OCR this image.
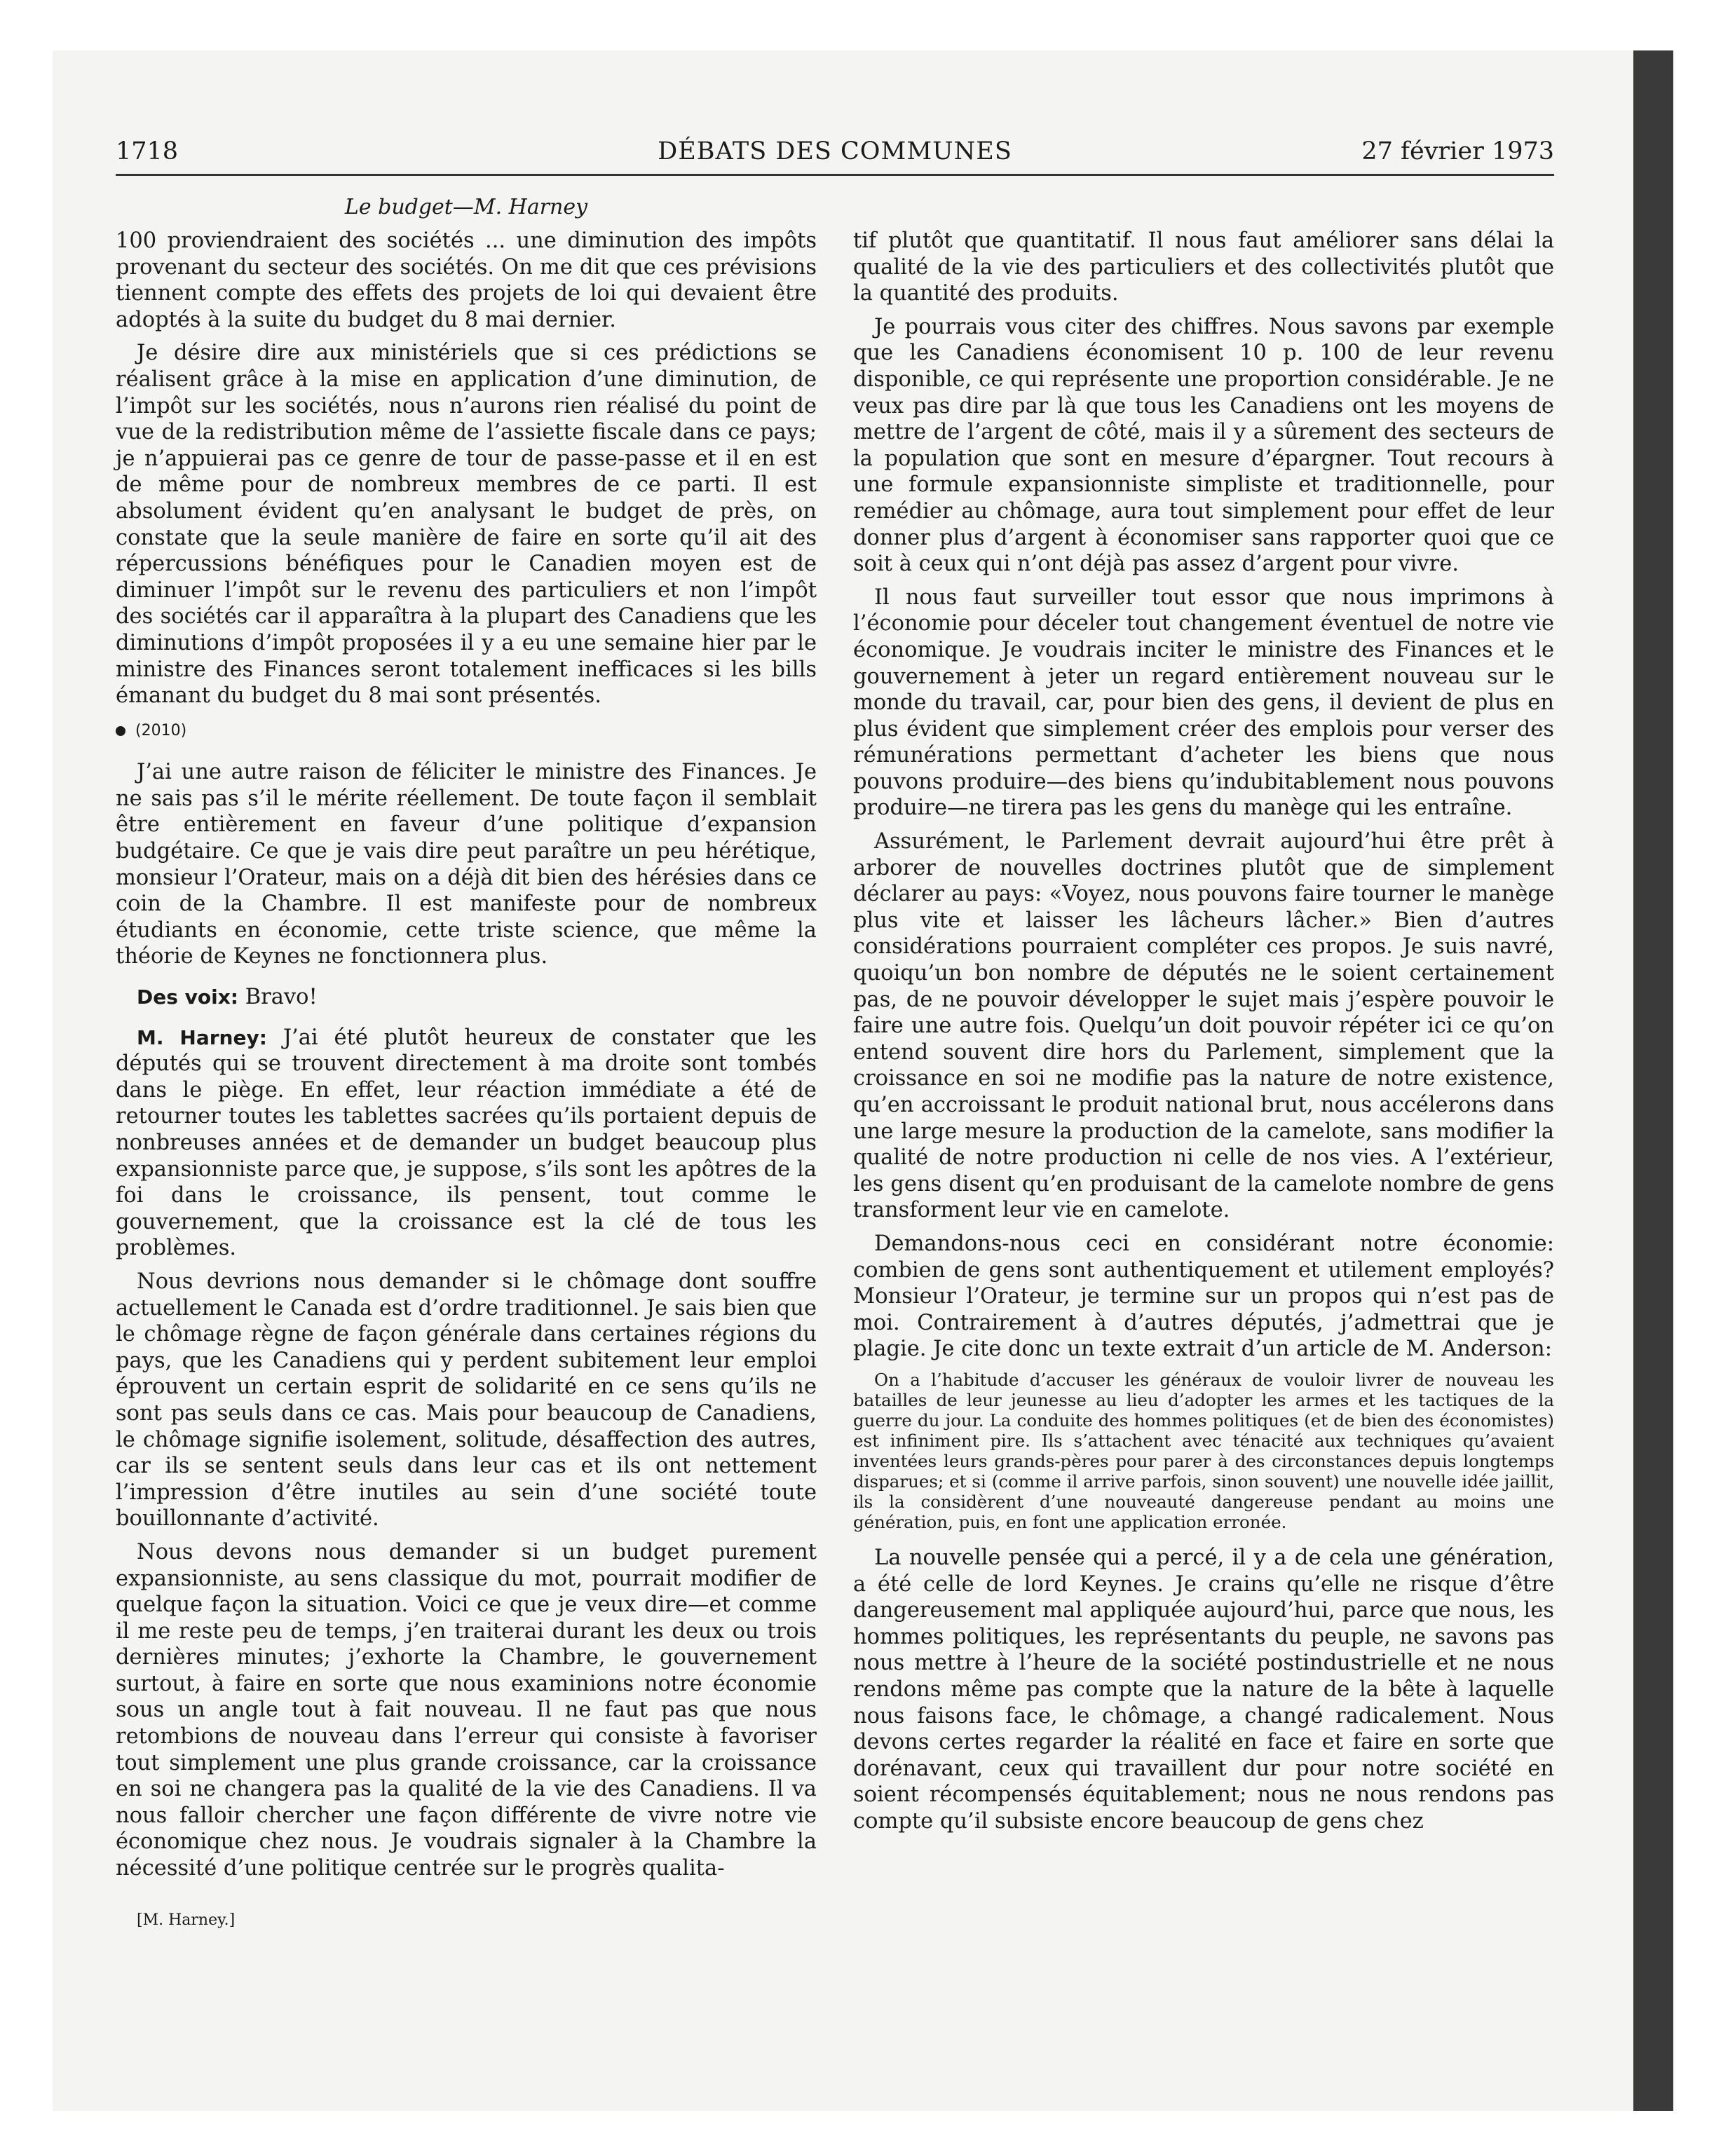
1718	DÉBATS DES COMMUNES	27 février 1973
Le budget—M. Harney

100 proviendraient des sociétés ... une diminution des impôts provenant du secteur des sociétés. On me dit que ces prévisions tiennent compte des effets des projets de loi qui devaient être adoptés à la suite du budget du 8 mai dernier.

Je désire dire aux ministériels que si ces prédictions se réalisent grâce à la mise en application d’une diminution, de l’impôt sur les sociétés, nous n’aurons rien réalisé du point de vue de la redistribution même de l’assiette fiscale dans ce pays; je n’appuierai pas ce genre de tour de passe-passe et il en est de même pour de nombreux membres de ce parti. Il est absolument évident qu’en analysant le budget de près, on constate que la seule manière de faire en sorte qu’il ait des répercussions bénéfiques pour le Canadien moyen est de diminuer l’impôt sur le revenu des particuliers et non l’impôt des sociétés car il apparaîtra à la plupart des Canadiens que les diminutions d’impôt proposées il y a eu une semaine hier par le ministre des Finances seront totalement inefficaces si les bills émanant du budget du 8 mai sont présentés.

(2010)

J’ai une autre raison de féliciter le ministre des Finances. Je ne sais pas s’il le mérite réellement. De toute façon il semblait être entièrement en faveur d’une politique d’expansion budgétaire. Ce que je vais dire peut paraître un peu hérétique, monsieur l’Orateur, mais on a déjà dit bien des hérésies dans ce coin de la Chambre. Il est manifeste pour de nombreux étudiants en économie, cette triste science, que même la théorie de Keynes ne fonctionnera plus.

Des voix: Bravo!

M. Harney: J’ai été plutôt heureux de constater que les députés qui se trouvent directement à ma droite sont tombés dans le piège. En effet, leur réaction immédiate a été de retourner toutes les tablettes sacrées qu’ils portaient depuis de nonbreuses années et de demander un budget beaucoup plus expansionniste parce que, je suppose, s’ils sont les apôtres de la foi dans le croissance, ils pensent, tout comme le gouvernement, que la croissance est la clé de tous les problèmes.

Nous devrions nous demander si le chômage dont souffre actuellement le Canada est d’ordre traditionnel. Je sais bien que le chômage règne de façon générale dans certaines régions du pays, que les Canadiens qui y perdent subitement leur emploi éprouvent un certain esprit de solidarité en ce sens qu’ils ne sont pas seuls dans ce cas. Mais pour beaucoup de Canadiens, le chômage signifie isolement, solitude, désaffection des autres, car ils se sentent seuls dans leur cas et ils ont nettement l’impression d’être inutiles au sein d’une société toute bouillonnante d’activité.

Nous devons nous demander si un budget purement expansionniste, au sens classique du mot, pourrait modifier de quelque façon la situation. Voici ce que je veux dire—et comme il me reste peu de temps, j’en traiterai durant les deux ou trois dernières minutes; j’exhorte la Chambre, le gouvernement surtout, à faire en sorte que nous examinions notre économie sous un angle tout à fait nouveau. Il ne faut pas que nous retombions de nouveau dans l’erreur qui consiste à favoriser tout simplement une plus grande croissance, car la croissance en soi ne changera pas la qualité de la vie des Canadiens. Il va nous falloir chercher une façon différente de vivre notre vie économique chez nous. Je voudrais signaler à la Chambre la nécessité d’une politique centrée sur le progrès qualita-

[M. Harney.]

tif plutôt que quantitatif. Il nous faut améliorer sans délai la qualité de la vie des particuliers et des collectivités plutôt que la quantité des produits.

Je pourrais vous citer des chiffres. Nous savons par exemple que les Canadiens économisent 10 p. 100 de leur revenu disponible, ce qui représente une proportion considérable. Je ne veux pas dire par là que tous les Canadiens ont les moyens de mettre de l’argent de côté, mais il y a sûrement des secteurs de la population que sont en mesure d’épargner. Tout recours à une formule expansionniste simpliste et traditionnelle, pour remédier au chômage, aura tout simplement pour effet de leur donner plus d’argent à économiser sans rapporter quoi que ce soit à ceux qui n’ont déjà pas assez d’argent pour vivre.

Il nous faut surveiller tout essor que nous imprimons à l’économie pour déceler tout changement éventuel de notre vie économique. Je voudrais inciter le ministre des Finances et le gouvernement à jeter un regard entièrement nouveau sur le monde du travail, car, pour bien des gens, il devient de plus en plus évident que simplement créer des emplois pour verser des rémunérations permettant d’acheter les biens que nous pouvons produire—des biens qu’indubitablement nous pouvons produire—ne tirera pas les gens du manège qui les entraîne.

Assurément, le Parlement devrait aujourd’hui être prêt à arborer de nouvelles doctrines plutôt que de simplement déclarer au pays: «Voyez, nous pouvons faire tourner le manège plus vite et laisser les lâcheurs lâcher.» Bien d’autres considérations pourraient compléter ces propos. Je suis navré, quoiqu’un bon nombre de députés ne le soient certainement pas, de ne pouvoir développer le sujet mais j’espère pouvoir le faire une autre fois. Quelqu’un doit pouvoir répéter ici ce qu’on entend souvent dire hors du Parlement, simplement que la croissance en soi ne modifie pas la nature de notre existence, qu’en accroissant le produit national brut, nous accélerons dans une large mesure la production de la camelote, sans modifier la qualité de notre production ni celle de nos vies. A l’extérieur, les gens disent qu’en produisant de la camelote nombre de gens transforment leur vie en camelote.

Demandons-nous ceci en considérant notre économie: combien de gens sont authentiquement et utilement employés? Monsieur l’Orateur, je termine sur un propos qui n’est pas de moi. Contrairement à d’autres députés, j’admettrai que je plagie. Je cite donc un texte extrait d’un article de M. Anderson:

On a l’habitude d’accuser les généraux de vouloir livrer de nouveau les batailles de leur jeunesse au lieu d’adopter les armes et les tactiques de la guerre du jour. La conduite des hommes politiques (et de bien des économistes) est infiniment pire. Ils s’attachent avec ténacité aux techniques qu’avaient inventées leurs grands-pères pour parer à des circonstances depuis longtemps disparues; et si (comme il arrive parfois, sinon souvent) une nouvelle idée jaillit, ils la considèrent d’une nouveauté dangereuse pendant au moins une génération, puis, en font une application erronée.

La nouvelle pensée qui a percé, il y a de cela une génération, a été celle de lord Keynes. Je crains qu’elle ne risque d’être dangereusement mal appliquée aujourd’hui, parce que nous, les hommes politiques, les représentants du peuple, ne savons pas nous mettre à l’heure de la société postindustrielle et ne nous rendons même pas compte que la nature de la bête à laquelle nous faisons face, le chômage, a changé radicalement. Nous devons certes regarder la réalité en face et faire en sorte que dorénavant, ceux qui travaillent dur pour notre société en soient récompensés équitablement; nous ne nous rendons pas compte qu’il subsiste encore beaucoup de gens chez
